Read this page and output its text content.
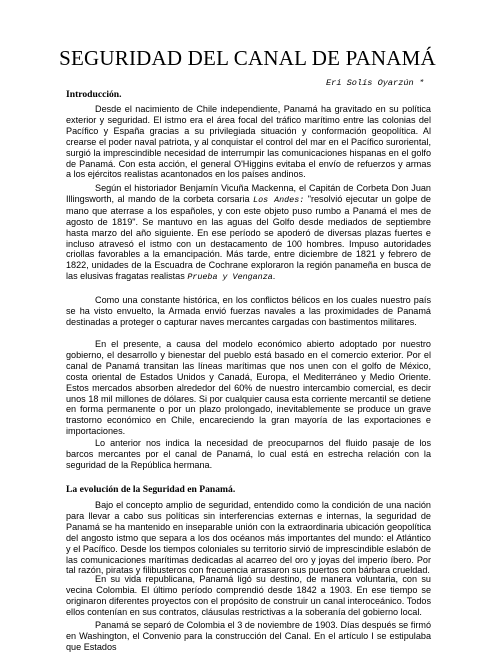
SEGURIDAD DEL CANAL DE PANAMÁ
Eri Solís Oyarzún *
Introducción.

Desde el nacimiento de Chile independiente, Panamá ha gravitado en su política exterior y seguridad. El istmo era el área focal del tráfico marítimo entre las colonias del Pacífico y España gracias a su privilegiada situación y conformación geopolítica. Al crearse el poder naval patriota, y al conquistar el control del mar en el Pacífico suroriental, surgió la imprescindible necesidad de interrumpir las comunicaciones hispanas en el golfo de Panamá. Con esta acción, el general O'Higgins evitaba el envío de refuerzos y armas a los ejércitos realistas acantonados en los países andinos.

Según el historiador Benjamín Vicuña Mackenna, el Capitán de Corbeta Don Juan Illingsworth, al mando de la corbeta corsaria Los Andes: "resolvió ejecutar un golpe de mano que aterrase a los españoles, y con este objeto puso rumbo a Panamá el mes de agosto de 1819". Se mantuvo en las aguas del Golfo desde mediados de septiembre hasta marzo del año siguiente. En ese período se apoderó de diversas plazas fuertes e incluso atravesó el istmo con un destacamento de 100 hombres. Impuso autoridades criollas favorables a la emancipación. Más tarde, entre diciembre de 1821 y febrero de 1822, unidades de la Escuadra de Cochrane exploraron la región panameña en busca de las elusivas fragatas realistas Prueba y Venganza.

Como una constante histórica, en los conflictos bélicos en los cuales nuestro país se ha visto envuelto, la Armada envió fuerzas navales a las proximidades de Panamá destinadas a proteger o capturar naves mercantes cargadas con bastimentos militares.

En el presente, a causa del modelo económico abierto adoptado por nuestro gobierno, el desarrollo y bienestar del pueblo está basado en el comercio exterior. Por el canal de Panamá transitan las líneas marítimas que nos unen con el golfo de México, costa oriental de Estados Unidos y Canadá, Europa, el Mediterráneo y Medio Oriente. Estos mercados absorben alrededor del 60% de nuestro intercambio comercial, es decir unos 18 mil millones de dólares. Si por cualquier causa esta corriente mercantil se detiene en forma permanente o por un plazo prolongado, inevitablemente se produce un grave trastorno económico en Chile, encareciendo la gran mayoría de las exportaciones e importaciones.

Lo anterior nos indica la necesidad de preocuparnos del fluido pasaje de los barcos mercantes por el canal de Panamá, lo cual está en estrecha relación con la seguridad de la República hermana.

La evolución de la Seguridad en Panamá.

Bajo el concepto amplio de seguridad, entendido como la condición de una nación para llevar a cabo sus políticas sin interferencias externas e internas, la seguridad de Panamá se ha mantenido en inseparable unión con la extraordinaria ubicación geopolítica del angosto istmo que separa a los dos océanos más importantes del mundo: el Atlántico y el Pacífico. Desde los tiempos coloniales su territorio sirvió de imprescindible eslabón de las comunicaciones marítimas dedicadas al acarreo del oro y joyas del imperio íbero. Por tal razón, piratas y filibusteros con frecuencia arrasaron sus puertos con bárbara crueldad.

En su vida republicana, Panamá ligó su destino, de manera voluntaria, con su vecina Colombia. El último período comprendió desde 1842 a 1903. En ese tiempo se originaron diferentes proyectos con el propósito de construir un canal interoceánico. Todos ellos contenían en sus contratos, cláusulas restrictivas a la soberanía del gobierno local.

Panamá se separó de Colombia el 3 de noviembre de 1903. Días después se firmó en Washington, el Convenio para la construcción del Canal. En el artículo I se estipulaba que Estados
